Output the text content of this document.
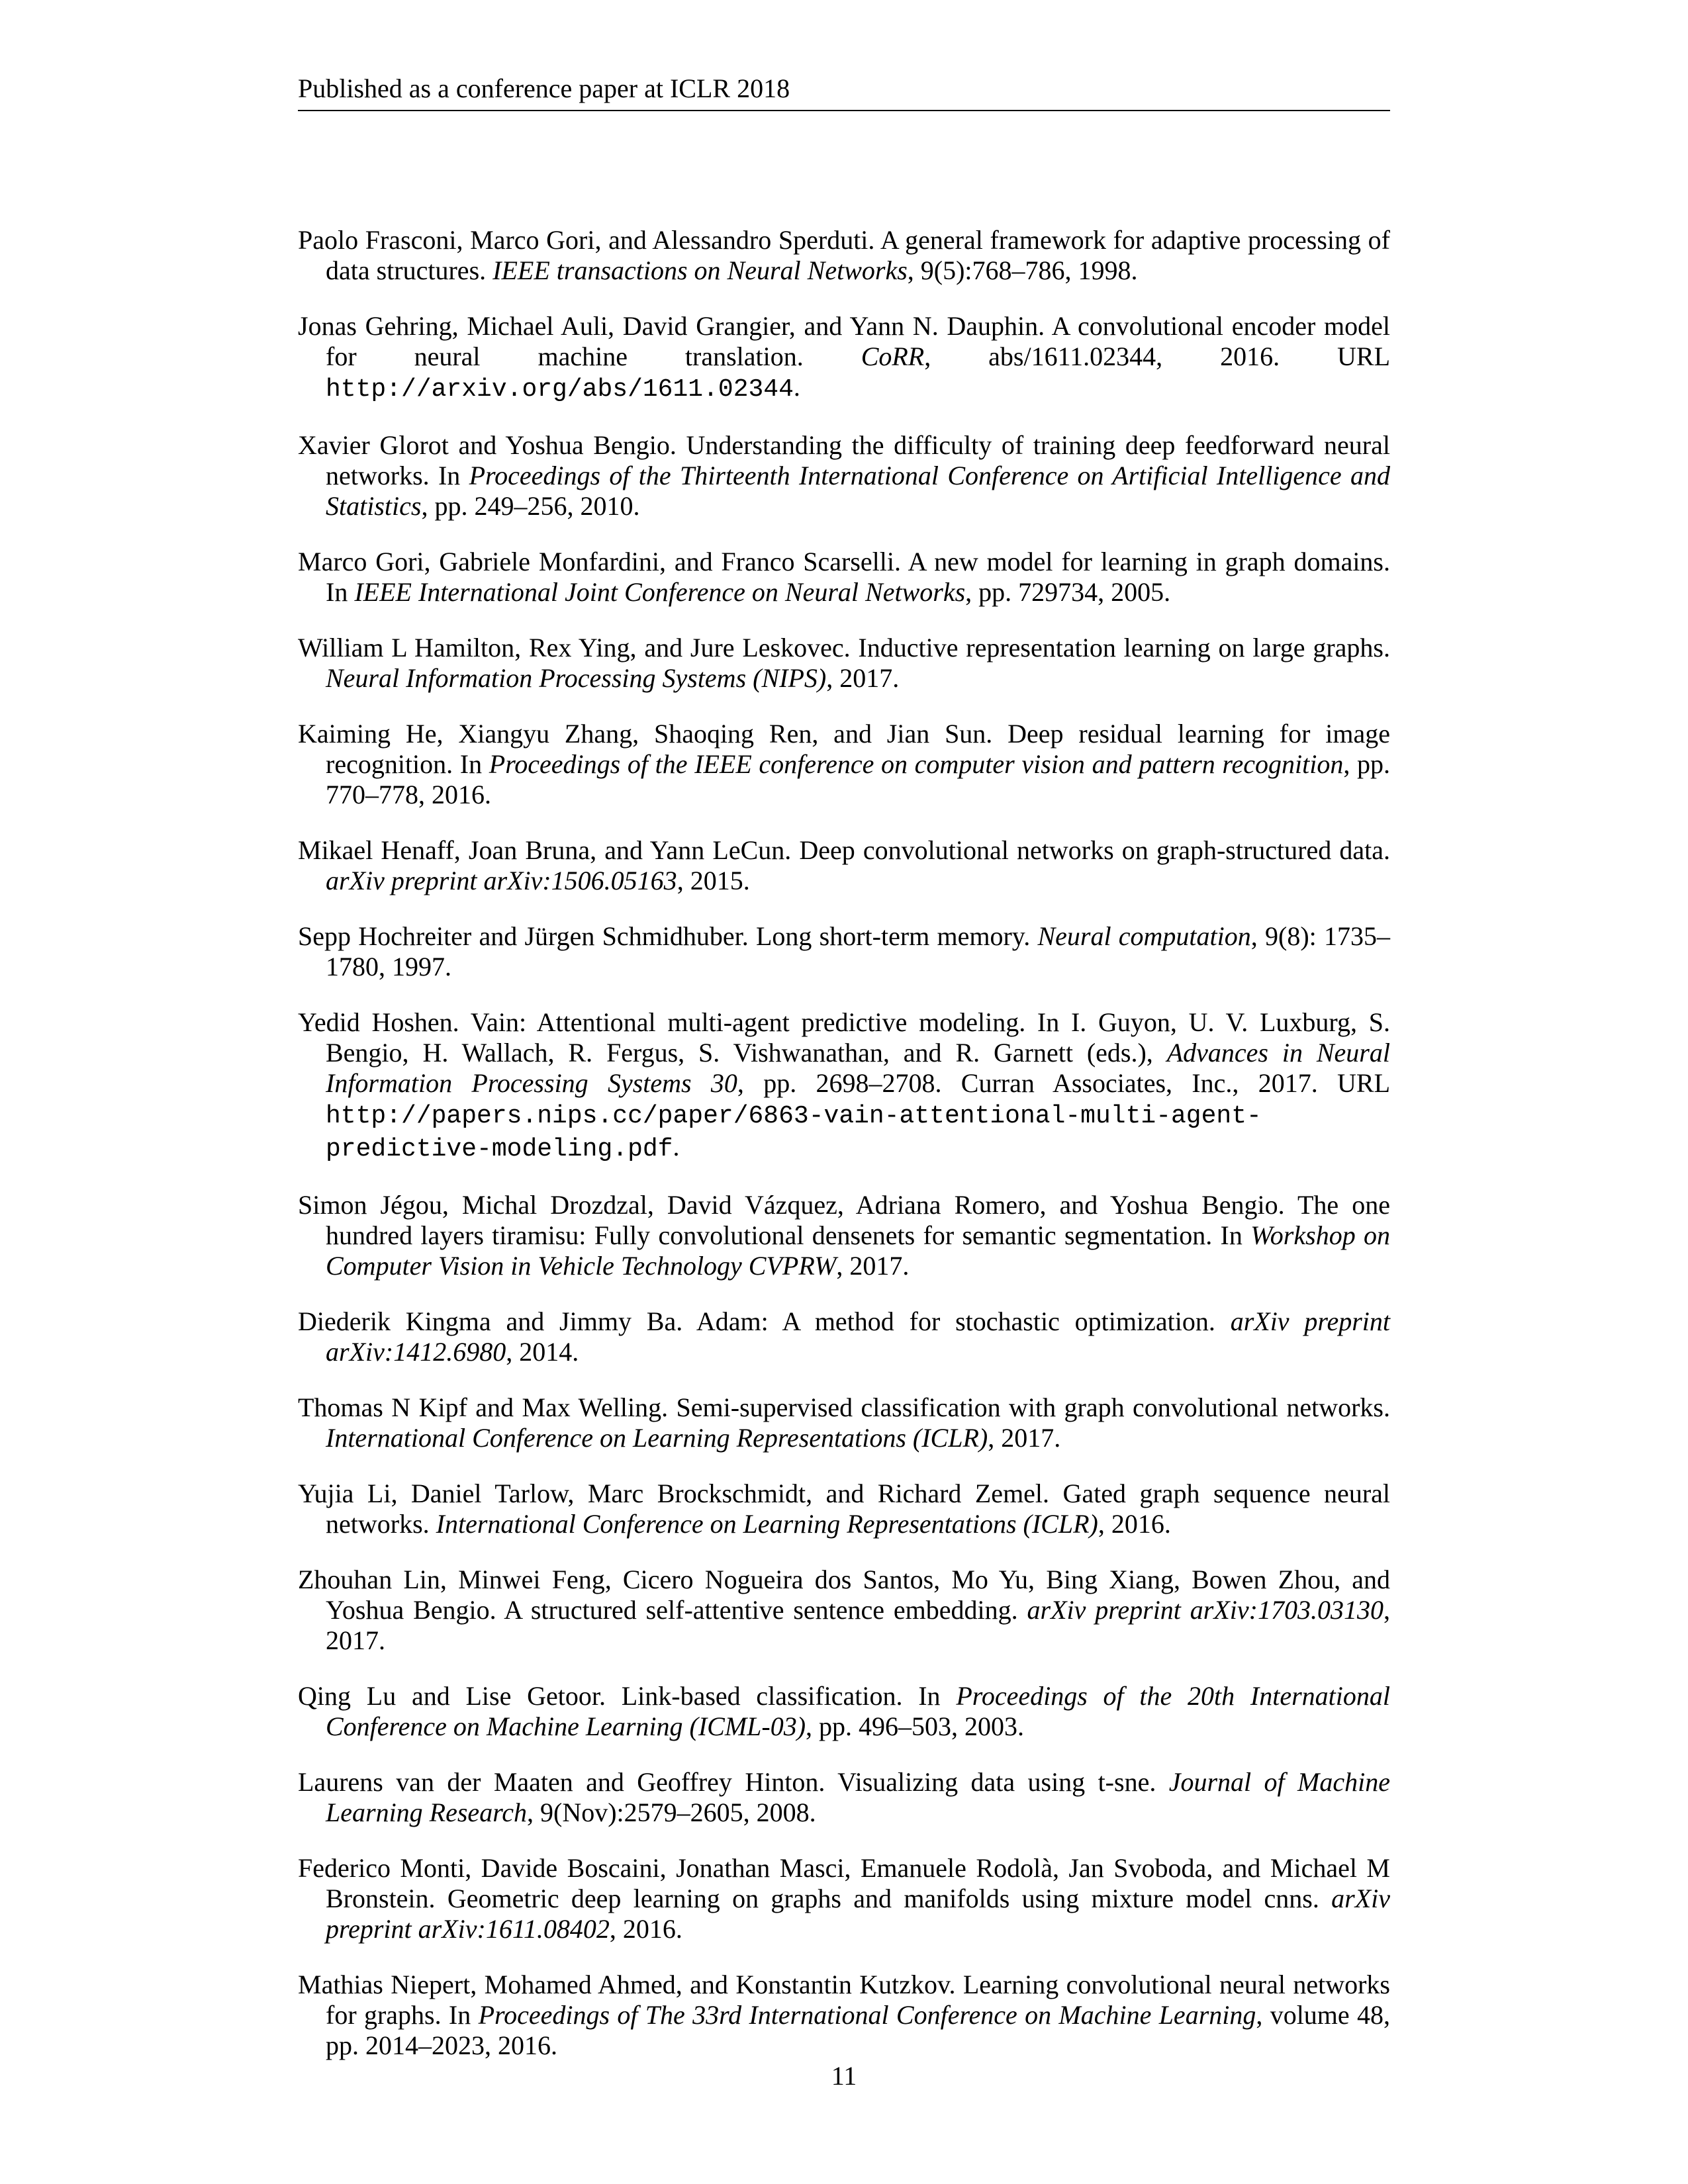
Published as a conference paper at ICLR 2018

Paolo Frasconi, Marco Gori, and Alessandro Sperduti. A general framework for adaptive processing of data structures. IEEE transactions on Neural Networks, 9(5):768–786, 1998.

Jonas Gehring, Michael Auli, David Grangier, and Yann N. Dauphin. A convolutional encoder model for neural machine translation. CoRR, abs/1611.02344, 2016. URL http://arxiv.org/abs/1611.02344.

Xavier Glorot and Yoshua Bengio. Understanding the difficulty of training deep feedforward neural networks. In Proceedings of the Thirteenth International Conference on Artificial Intelligence and Statistics, pp. 249–256, 2010.

Marco Gori, Gabriele Monfardini, and Franco Scarselli. A new model for learning in graph domains. In IEEE International Joint Conference on Neural Networks, pp. 729734, 2005.

William L Hamilton, Rex Ying, and Jure Leskovec. Inductive representation learning on large graphs. Neural Information Processing Systems (NIPS), 2017.

Kaiming He, Xiangyu Zhang, Shaoqing Ren, and Jian Sun. Deep residual learning for image recognition. In Proceedings of the IEEE conference on computer vision and pattern recognition, pp. 770–778, 2016.

Mikael Henaff, Joan Bruna, and Yann LeCun. Deep convolutional networks on graph-structured data. arXiv preprint arXiv:1506.05163, 2015.

Sepp Hochreiter and Jürgen Schmidhuber. Long short-term memory. Neural computation, 9(8): 1735–1780, 1997.

Yedid Hoshen. Vain: Attentional multi-agent predictive modeling. In I. Guyon, U. V. Luxburg, S. Bengio, H. Wallach, R. Fergus, S. Vishwanathan, and R. Garnett (eds.), Advances in Neural Information Processing Systems 30, pp. 2698–2708. Curran Associates, Inc., 2017. URL http://papers.nips.cc/paper/6863-vain-attentional-multi-agent-predictive-modeling.pdf.

Simon Jégou, Michal Drozdzal, David Vázquez, Adriana Romero, and Yoshua Bengio. The one hundred layers tiramisu: Fully convolutional densenets for semantic segmentation. In Workshop on Computer Vision in Vehicle Technology CVPRW, 2017.

Diederik Kingma and Jimmy Ba. Adam: A method for stochastic optimization. arXiv preprint arXiv:1412.6980, 2014.

Thomas N Kipf and Max Welling. Semi-supervised classification with graph convolutional networks. International Conference on Learning Representations (ICLR), 2017.

Yujia Li, Daniel Tarlow, Marc Brockschmidt, and Richard Zemel. Gated graph sequence neural networks. International Conference on Learning Representations (ICLR), 2016.

Zhouhan Lin, Minwei Feng, Cicero Nogueira dos Santos, Mo Yu, Bing Xiang, Bowen Zhou, and Yoshua Bengio. A structured self-attentive sentence embedding. arXiv preprint arXiv:1703.03130, 2017.

Qing Lu and Lise Getoor. Link-based classification. In Proceedings of the 20th International Conference on Machine Learning (ICML-03), pp. 496–503, 2003.

Laurens van der Maaten and Geoffrey Hinton. Visualizing data using t-sne. Journal of Machine Learning Research, 9(Nov):2579–2605, 2008.

Federico Monti, Davide Boscaini, Jonathan Masci, Emanuele Rodolà, Jan Svoboda, and Michael M Bronstein. Geometric deep learning on graphs and manifolds using mixture model cnns. arXiv preprint arXiv:1611.08402, 2016.

Mathias Niepert, Mohamed Ahmed, and Konstantin Kutzkov. Learning convolutional neural networks for graphs. In Proceedings of The 33rd International Conference on Machine Learning, volume 48, pp. 2014–2023, 2016.

11
